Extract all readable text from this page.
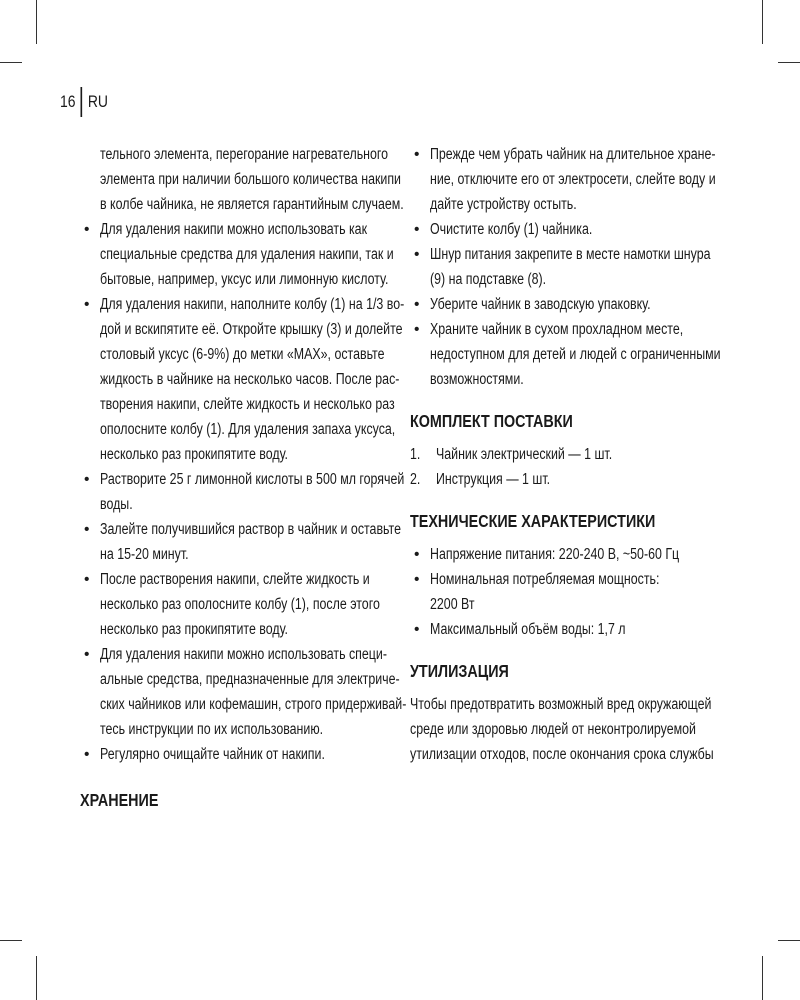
16 RU
тельного элемента, перегорание нагревательного
элемента при наличии большого количества накипи
в колбе чайника, не является гарантийным случаем.
• Для удаления накипи можно использовать как
специальные средства для удаления накипи, так и
бытовые, например, уксус или лимонную кислоту.
• Для удаления накипи, наполните колбу (1) на 1/3 во-
дой и вскипятите её. Откройте крышку (3) и долейте
столовый уксус (6-9%) до метки «MAX», оставьте
жидкость в чайнике на несколько часов. После рас-
творения накипи, слейте жидкость и несколько раз
ополосните колбу (1). Для удаления запаха уксуса,
несколько раз прокипятите воду.
• Растворите 25 г лимонной кислоты в 500 мл горячей
воды.
• Залейте получившийся раствор в чайник и оставьте
на 15-20 минут.
• После растворения накипи, слейте жидкость и
несколько раз ополосните колбу (1), после этого
несколько раз прокипятите воду.
• Для удаления накипи можно использовать специ-
альные средства, предназначенные для электриче-
ских чайников или кофемашин, строго придерживай-
тесь инструкции по их использованию.
• Регулярно очищайте чайник от накипи.
ХРАНЕНИЕ
• Прежде чем убрать чайник на длительное хране-
ние, отключите его от электросети, слейте воду и
дайте устройству остыть.
• Очистите колбу (1) чайника.
• Шнур питания закрепите в месте намотки шнура
(9) на подставке (8).
• Уберите чайник в заводскую упаковку.
• Храните чайник в сухом прохладном месте,
недоступном для детей и людей с ограниченными
возможностями.
КОМПЛЕКТ ПОСТАВКИ
1. Чайник электрический — 1 шт.
2. Инструкция — 1 шт.
ТЕХНИЧЕСКИЕ ХАРАКТЕРИСТИКИ
• Напряжение питания: 220-240 В, ~50-60 Гц
• Номинальная потребляемая мощность:
2200 Вт
• Максимальный объём воды: 1,7 л
УТИЛИЗАЦИЯ
Чтобы предотвратить возможный вред окружающей
среде или здоровью людей от неконтролируемой
утилизации отходов, после окончания срока службы
